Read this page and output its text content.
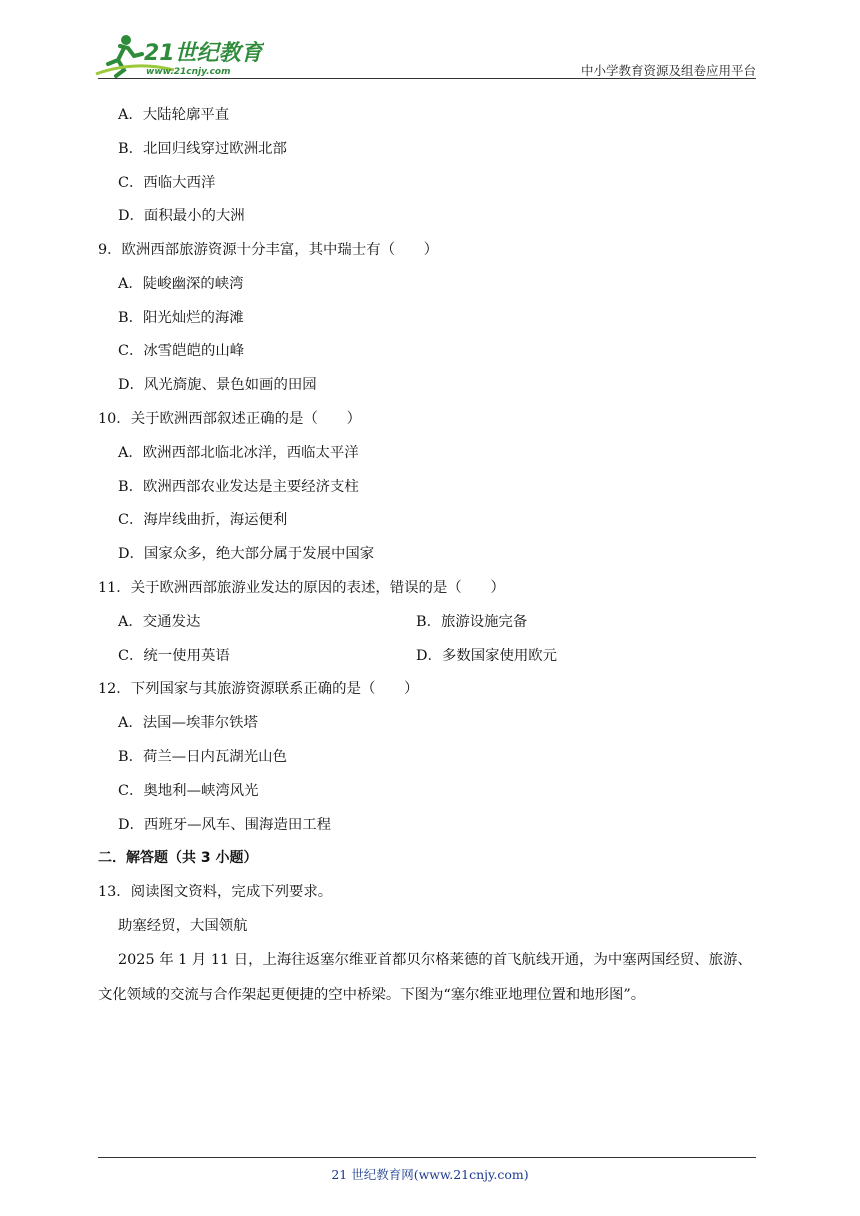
21世纪教育
www.21cnjy.com	中小学教育资源及组卷应用平台
A．大陆轮廓平直
B．北回归线穿过欧洲北部
C．西临大西洋
D．面积最小的大洲
9．欧洲西部旅游资源十分丰富，其中瑞士有（　　）
A．陡峻幽深的峡湾
B．阳光灿烂的海滩
C．冰雪皑皑的山峰
D．风光旖旎、景色如画的田园
10．关于欧洲西部叙述正确的是（　　）
A．欧洲西部北临北冰洋，西临太平洋
B．欧洲西部农业发达是主要经济支柱
C．海岸线曲折，海运便利
D．国家众多，绝大部分属于发展中国家
11．关于欧洲西部旅游业发达的原因的表述，错误的是（　　）
A．交通发达	B．旅游设施完备
C．统一使用英语	D．多数国家使用欧元
12．下列国家与其旅游资源联系正确的是（　　）
A．法国—埃菲尔铁塔
B．荷兰—日内瓦湖光山色
C．奥地利—峡湾风光
D．西班牙—风车、围海造田工程
二．解答题（共 3 小题）
13．阅读图文资料，完成下列要求。
助塞经贸，大国领航
2025 年 1 月 11 日，上海往返塞尔维亚首都贝尔格莱德的首飞航线开通，为中塞两国经贸、旅游、
文化领域的交流与合作架起更便捷的空中桥梁。下图为“塞尔维亚地理位置和地形图”。
21 世纪教育网(www.21cnjy.com)
